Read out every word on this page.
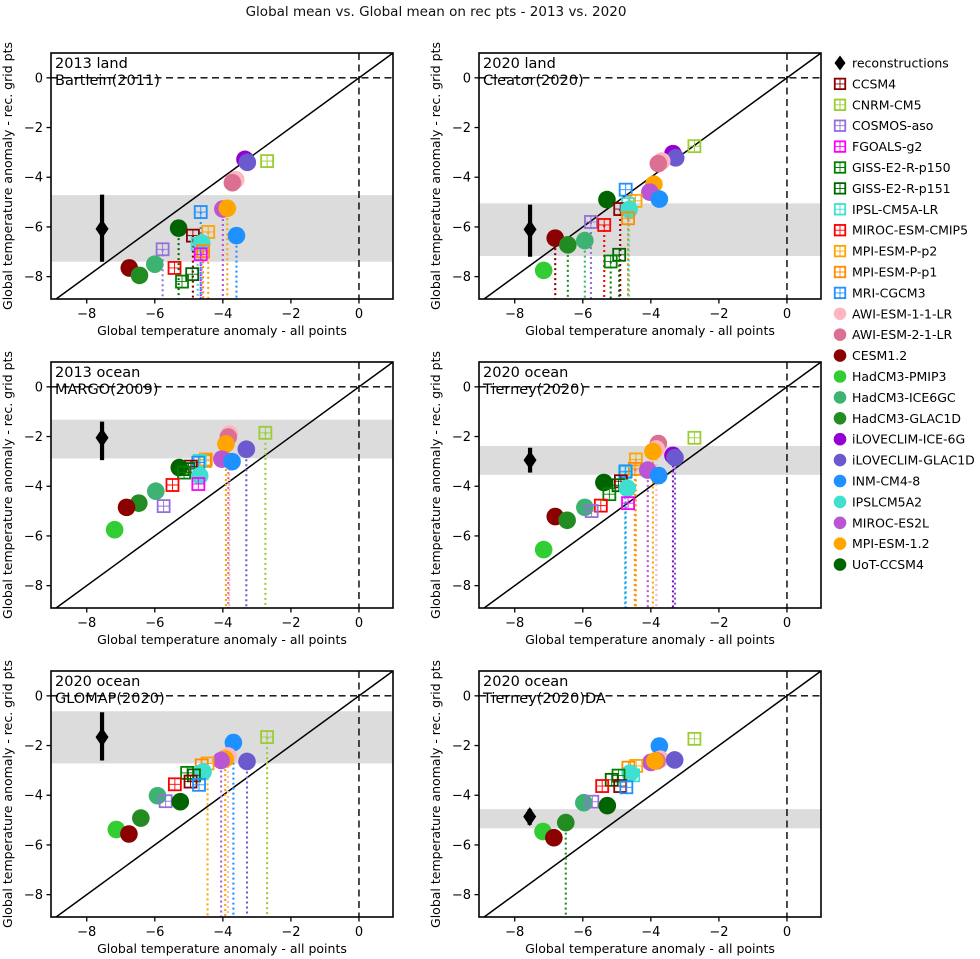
Global mean vs. Global mean on rec pts - 2013 vs. 2020
−8	−6	−4	−2	0
Global temperature anomaly - all points
0
−2
−4
−6
−8
Global temperature anomaly - rec. grid pts	2013 land
Bartlein(2011)
−8	−6	−4	−2	0
Global temperature anomaly - all points
0
−2
−4
−6
−8
Global temperature anomaly - rec. grid pts	2020 land
Cleator(2020)
−8	−6	−4	−2	0
Global temperature anomaly - all points
0
−2
−4
−6
−8
Global temperature anomaly - rec. grid pts	2013 ocean
MARGO(2009)
−8	−6	−4	−2	0
Global temperature anomaly - all points
0
−2
−4
−6
−8
Global temperature anomaly - rec. grid pts	2020 ocean
Tierney(2020)
−8	−6	−4	−2	0
Global temperature anomaly - all points
0
−2
−4
−6
−8
Global temperature anomaly - rec. grid pts	2020 ocean
GLOMAP(2020)
−8	−6	−4	−2	0
Global temperature anomaly - all points
0
−2
−4
−6
−8
Global temperature anomaly - rec. grid pts	2020 ocean
Tierney(2020)DA
reconstructions
CCSM4
CNRM-CM5
COSMOS-aso
FGOALS-g2
GISS-E2-R-p150
GISS-E2-R-p151
IPSL-CM5A-LR
MIROC-ESM-CMIP5
MPI-ESM-P-p2
MPI-ESM-P-p1
MRI-CGCM3
AWI-ESM-1-1-LR
AWI-ESM-2-1-LR
CESM1.2
HadCM3-PMIP3
HadCM3-ICE6GC
HadCM3-GLAC1D
iLOVECLIM-ICE-6G
iLOVECLIM-GLAC1D
INM-CM4-8
IPSLCM5A2
MIROC-ES2L
MPI-ESM-1.2
UoT-CCSM4
